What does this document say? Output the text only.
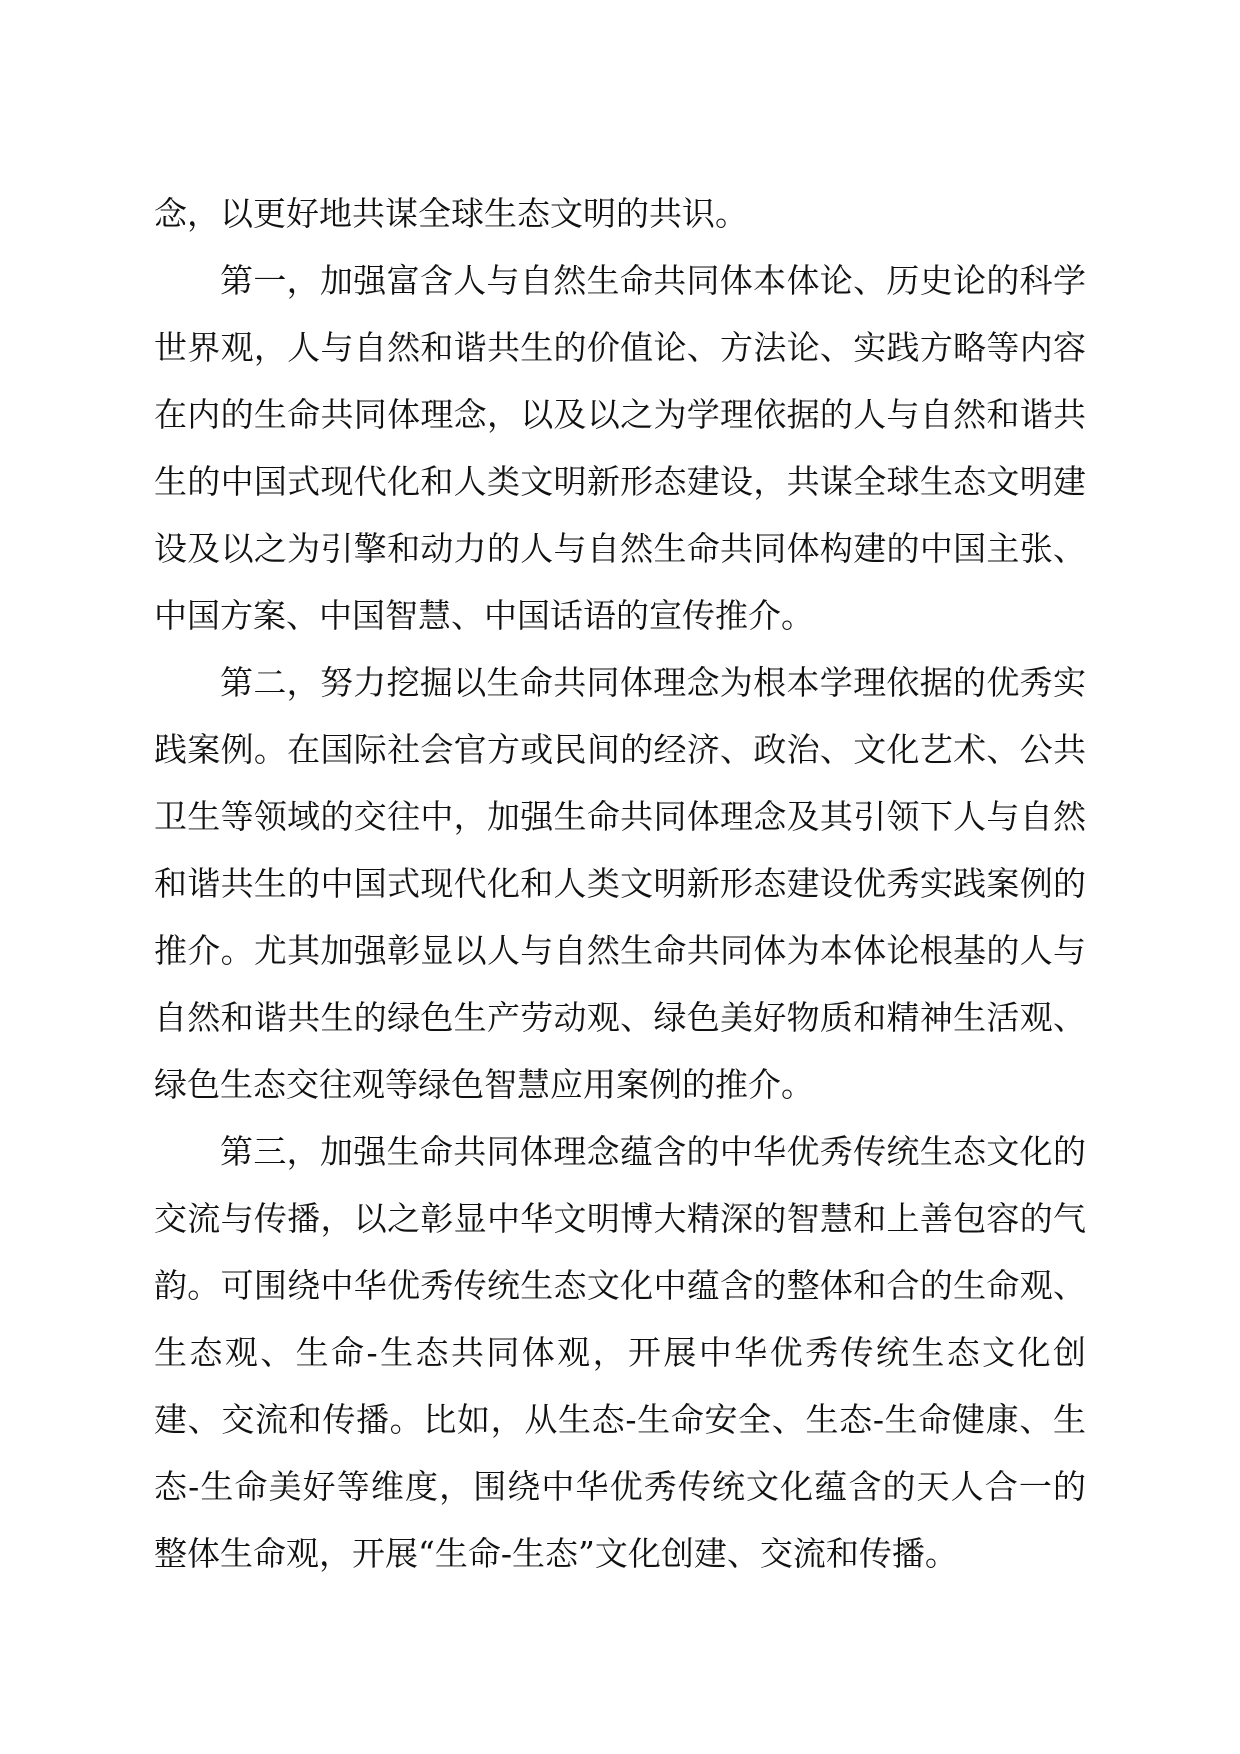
念，以更好地共谋全球生态文明的共识。

第一，加强富含人与自然生命共同体本体论、历史论的科学世界观，人与自然和谐共生的价值论、方法论、实践方略等内容在内的生命共同体理念，以及以之为学理依据的人与自然和谐共生的中国式现代化和人类文明新形态建设，共谋全球生态文明建设及以之为引擎和动力的人与自然生命共同体构建的中国主张、中国方案、中国智慧、中国话语的宣传推介。

第二，努力挖掘以生命共同体理念为根本学理依据的优秀实践案例。在国际社会官方或民间的经济、政治、文化艺术、公共卫生等领域的交往中，加强生命共同体理念及其引领下人与自然和谐共生的中国式现代化和人类文明新形态建设优秀实践案例的推介。尤其加强彰显以人与自然生命共同体为本体论根基的人与自然和谐共生的绿色生产劳动观、绿色美好物质和精神生活观、绿色生态交往观等绿色智慧应用案例的推介。

第三，加强生命共同体理念蕴含的中华优秀传统生态文化的交流与传播，以之彰显中华文明博大精深的智慧和上善包容的气韵。可围绕中华优秀传统生态文化中蕴含的整体和合的生命观、生态观、生命-生态共同体观，开展中华优秀传统生态文化创建、交流和传播。比如，从生态-生命安全、生态-生命健康、生态-生命美好等维度，围绕中华优秀传统文化蕴含的天人合一的整体生命观，开展“生命-生态”文化创建、交流和传播。
